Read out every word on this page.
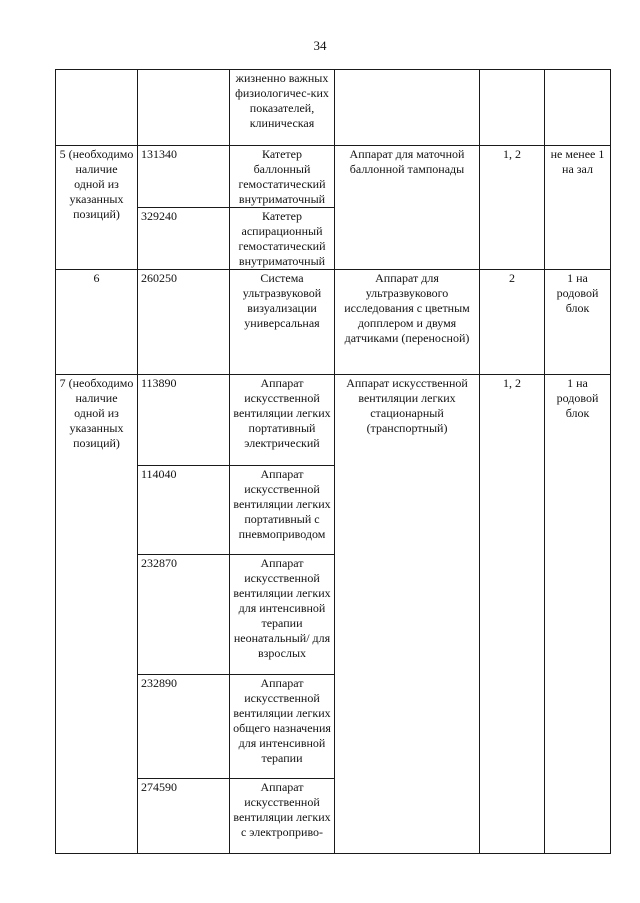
34
		жизненно важных физиологичес-ких показателей, клиническая			
5 (необходимо наличие одной из указанных позиций)	131340	Катетер баллонный гемостатический внутриматочный	Аппарат для маточной баллонной тампонады	1, 2	не менее 1 на зал
	329240	Катетер аспирационный гемостатический внутриматочный			
6	260250	Система ультразвуковой визуализации универсальная	Аппарат для ультразвукового исследования с цветным допплером и двумя датчиками (переносной)	2	1 на родовой блок
7 (необходимо наличие одной из указанных позиций)	113890	Аппарат искусственной вентиляции легких портативный электрический	Аппарат искусственной вентиляции легких стационарный (транспортный)	1, 2	1 на родовой блок
	114040	Аппарат искусственной вентиляции легких портативный с пневмоприводом			
	232870	Аппарат искусственной вентиляции легких для интенсивной терапии неонатальный/ для взрослых			
	232890	Аппарат искусственной вентиляции легких общего назначения для интенсивной терапии			
	274590	Аппарат искусственной вентиляции легких с электроприво-			
